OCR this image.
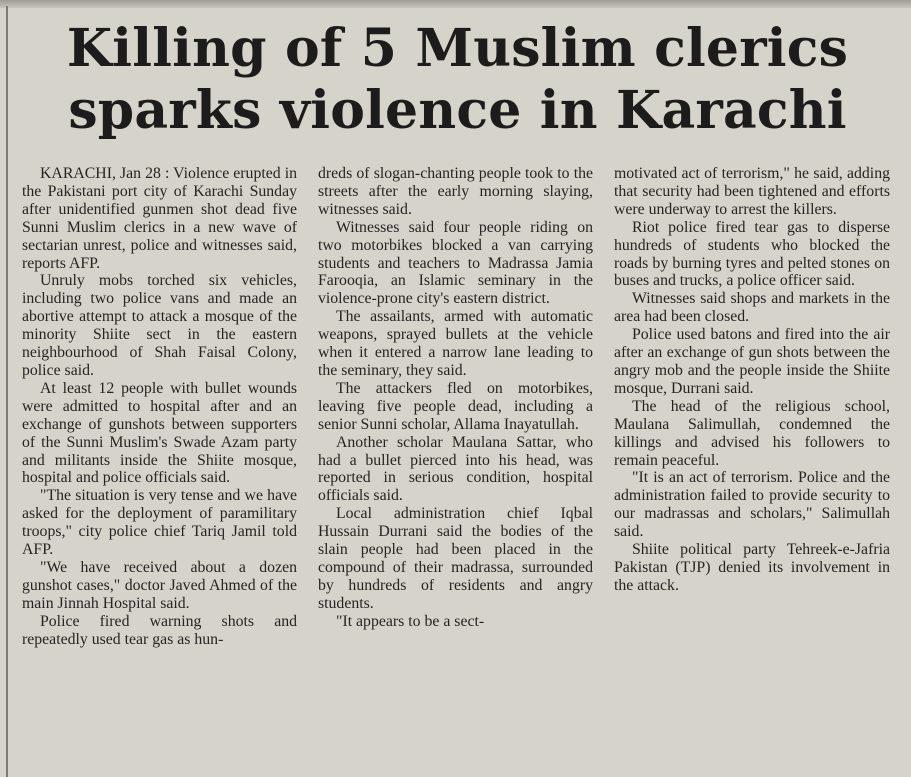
Killing of 5 Muslim clerics sparks violence in Karachi

KARACHI, Jan 28 : Violence erupted in the Pakistani port city of Karachi Sunday after unidentified gunmen shot dead five Sunni Muslim clerics in a new wave of sectarian unrest, police and witnesses said, reports AFP.

Unruly mobs torched six vehicles, including two police vans and made an abortive attempt to attack a mosque of the minority Shiite sect in the eastern neighbourhood of Shah Faisal Colony, police said.

At least 12 people with bullet wounds were admitted to hospital after and an exchange of gunshots between supporters of the Sunni Muslim's Swade Azam party and militants inside the Shiite mosque, hospital and police officials said.

"The situation is very tense and we have asked for the deployment of paramilitary troops," city police chief Tariq Jamil told AFP.

"We have received about a dozen gunshot cases," doctor Javed Ahmed of the main Jinnah Hospital said.

Police fired warning shots and repeatedly used tear gas as hun-

dreds of slogan-chanting people took to the streets after the early morning slaying, witnesses said.

Witnesses said four people riding on two motorbikes blocked a van carrying students and teachers to Madrassa Jamia Farooqia, an Islamic seminary in the violence-prone city's eastern district.

The assailants, armed with automatic weapons, sprayed bullets at the vehicle when it entered a narrow lane leading to the seminary, they said.

The attackers fled on motorbikes, leaving five people dead, including a senior Sunni scholar, Allama Inayatullah.

Another scholar Maulana Sattar, who had a bullet pierced into his head, was reported in serious condition, hospital officials said.

Local administration chief Iqbal Hussain Durrani said the bodies of the slain people had been placed in the compound of their madrassa, surrounded by hundreds of residents and angry students.

"It appears to be a sect-

motivated act of terrorism," he said, adding that security had been tightened and efforts were underway to arrest the killers.

Riot police fired tear gas to disperse hundreds of students who blocked the roads by burning tyres and pelted stones on buses and trucks, a police officer said.

Witnesses said shops and markets in the area had been closed.

Police used batons and fired into the air after an exchange of gun shots between the angry mob and the people inside the Shiite mosque, Durrani said.

The head of the religious school, Maulana Salimullah, condemned the killings and advised his followers to remain peaceful.

"It is an act of terrorism. Police and the administration failed to provide security to our madrassas and scholars," Salimullah said.

Shiite political party Tehreek-e-Jafria Pakistan (TJP) denied its involvement in the attack.
